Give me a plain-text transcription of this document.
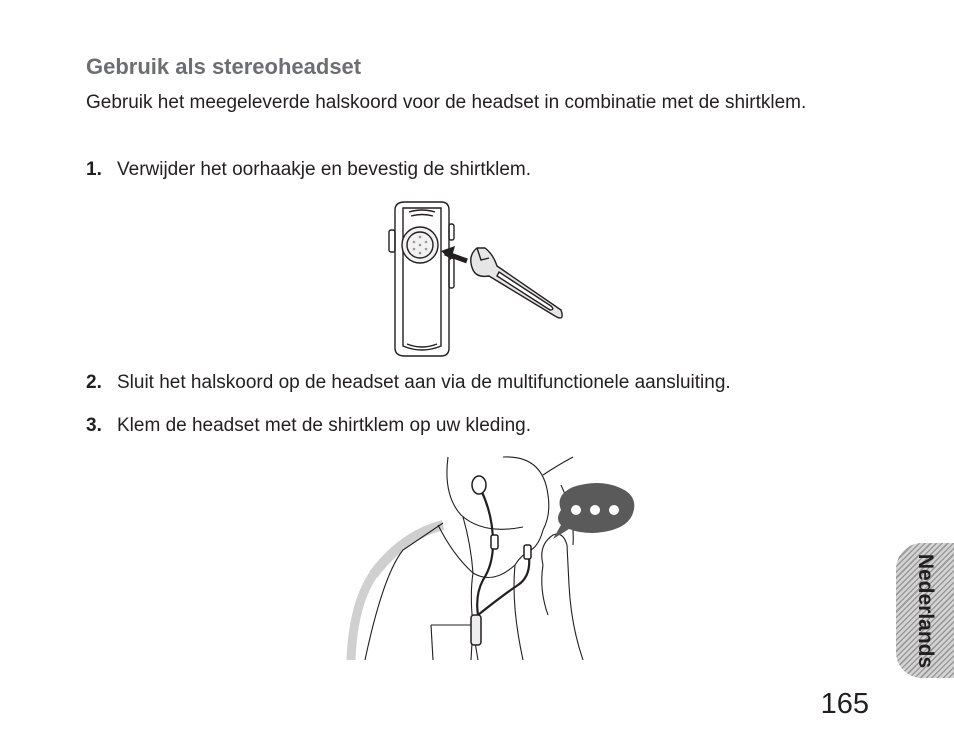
Gebruik als stereoheadset

Gebruik het meegeleverde halskoord voor de headset in combinatie met de shirtklem.

1. Verwijder het oorhaakje en bevestig de shirtklem.
2. Sluit het halskoord op de headset aan via de multifunctionele aansluiting.
3. Klem de headset met de shirtklem op uw kleding.
Nederlands
165
